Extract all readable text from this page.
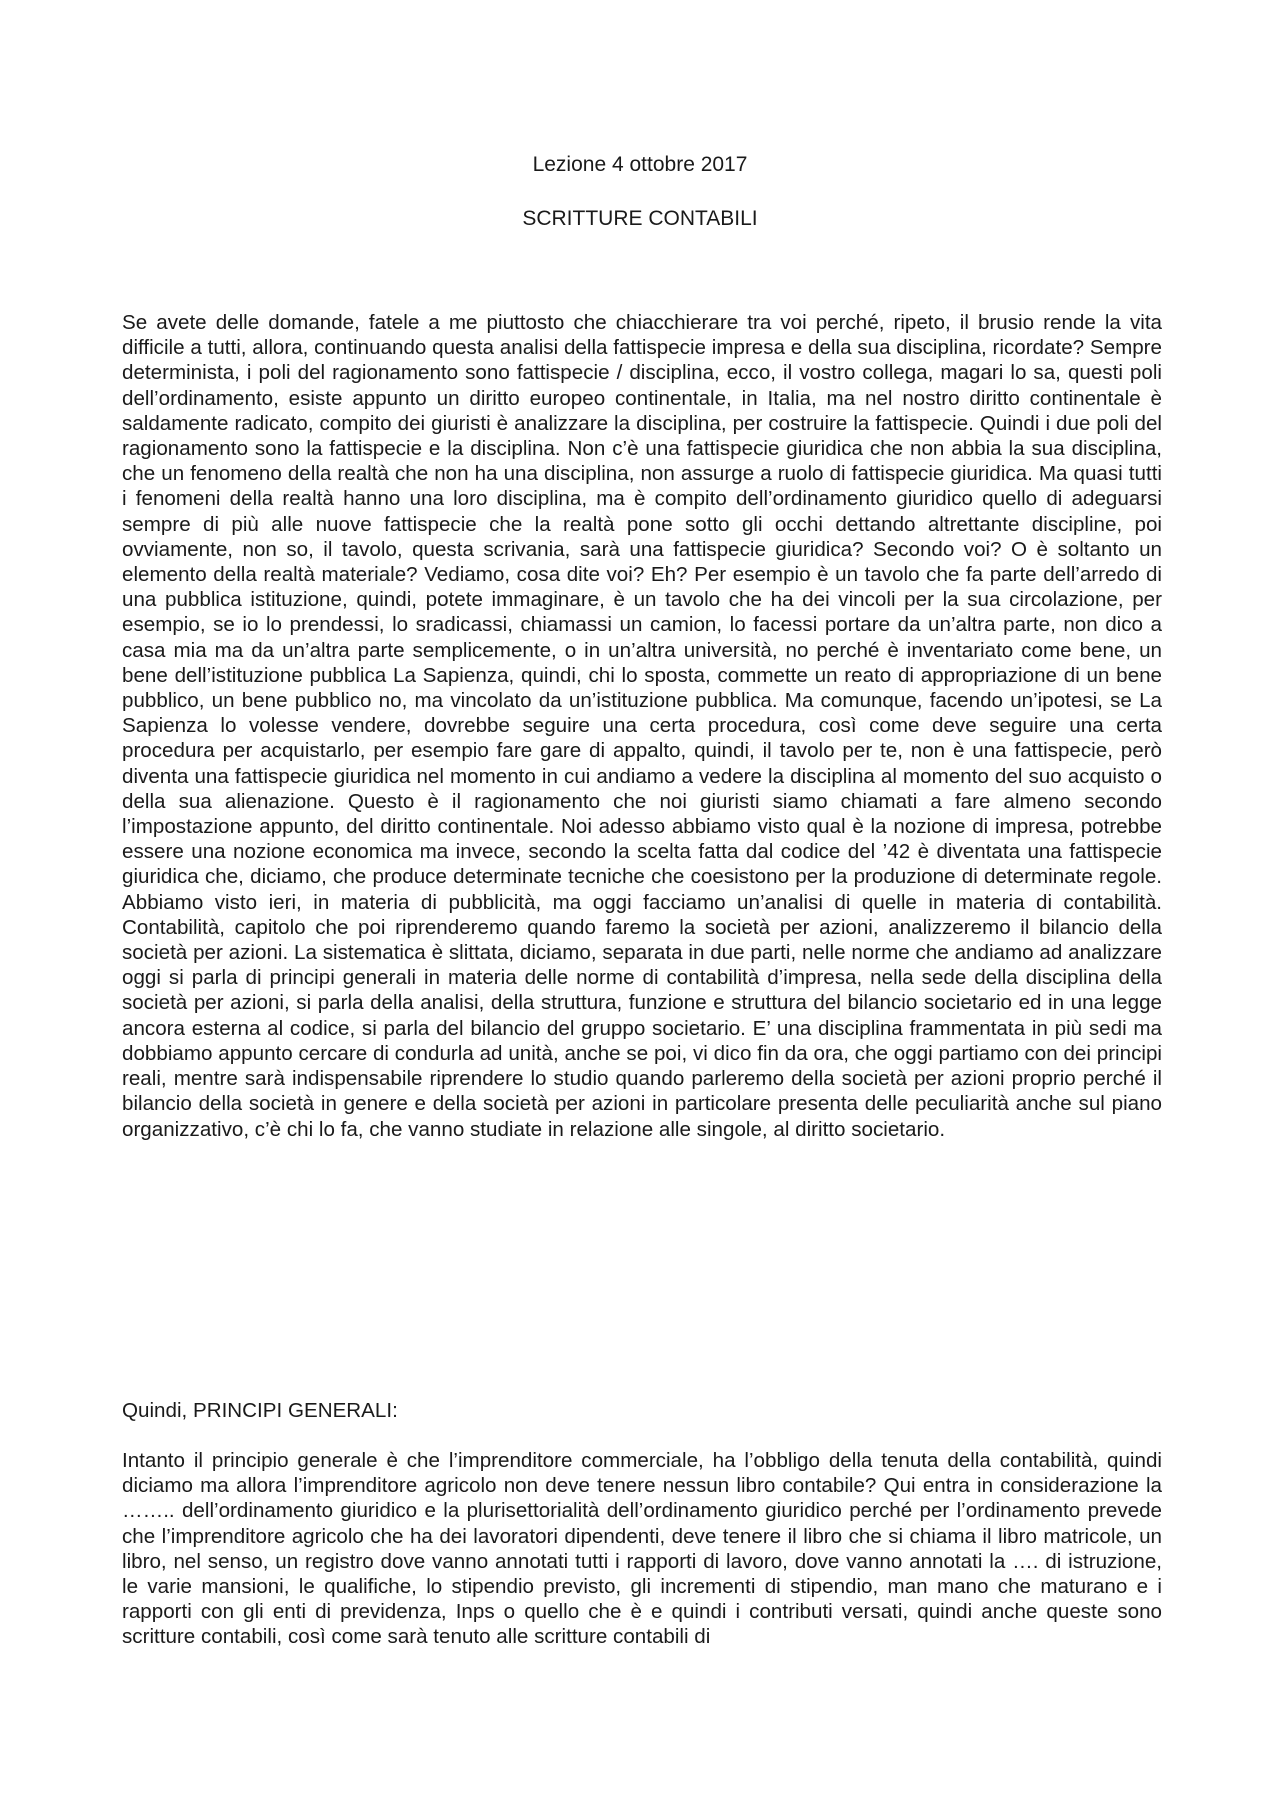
Lezione 4 ottobre 2017
SCRITTURE CONTABILI

Se avete delle domande, fatele a me piuttosto che chiacchierare tra voi perché, ripeto, il brusio rende la vita difficile a tutti, allora, continuando questa analisi della fattispecie impresa e della sua disciplina, ricordate? Sempre determinista, i poli del ragionamento sono fattispecie / disciplina, ecco, il vostro collega, magari lo sa, questi poli dell’ordinamento, esiste appunto un diritto europeo continentale, in Italia, ma nel nostro diritto continentale è saldamente radicato, compito dei giuristi è analizzare la disciplina, per costruire la fattispecie. Quindi i due poli del ragionamento sono la fattispecie e la disciplina. Non c’è una fattispecie giuridica che non abbia la sua disciplina, che un fenomeno della realtà che non ha una disciplina, non assurge a ruolo di fattispecie giuridica. Ma quasi tutti i fenomeni della realtà hanno una loro disciplina, ma è compito dell’ordinamento giuridico quello di adeguarsi sempre di più alle nuove fattispecie che la realtà pone sotto gli occhi dettando altrettante discipline, poi ovviamente, non so, il tavolo, questa scrivania, sarà una fattispecie giuridica? Secondo voi? O è soltanto un elemento della realtà materiale? Vediamo, cosa dite voi? Eh? Per esempio è un tavolo che fa parte dell’arredo di una pubblica istituzione, quindi, potete immaginare, è un tavolo che ha dei vincoli per la sua circolazione, per esempio, se io lo prendessi, lo sradicassi, chiamassi un camion, lo facessi portare da un’altra parte, non dico a casa mia ma da un’altra parte semplicemente, o in un’altra università, no perché è inventariato come bene, un bene dell’istituzione pubblica La Sapienza, quindi, chi lo sposta, commette un reato di appropriazione di un bene pubblico, un bene pubblico no, ma vincolato da un’istituzione pubblica. Ma comunque, facendo un’ipotesi, se La Sapienza lo volesse vendere, dovrebbe seguire una certa procedura, così come deve seguire una certa procedura per acquistarlo, per esempio fare gare di appalto, quindi, il tavolo per te, non è una fattispecie, però diventa una fattispecie giuridica nel momento in cui andiamo a vedere la disciplina al momento del suo acquisto o della sua alienazione. Questo è il ragionamento che noi giuristi siamo chiamati a fare almeno secondo l’impostazione appunto, del diritto continentale. Noi adesso abbiamo visto qual è la nozione di impresa, potrebbe essere una nozione economica ma invece, secondo la scelta fatta dal codice del ’42 è diventata una fattispecie giuridica che, diciamo, che produce determinate tecniche che coesistono per la produzione di determinate regole. Abbiamo visto ieri, in materia di pubblicità, ma oggi facciamo un’analisi di quelle in materia di contabilità. Contabilità, capitolo che poi riprenderemo quando faremo la società per azioni, analizzeremo il bilancio della società per azioni. La sistematica è slittata, diciamo, separata in due parti, nelle norme che andiamo ad analizzare oggi si parla di principi generali in materia delle norme di contabilità d’impresa, nella sede della disciplina della società per azioni, si parla della analisi, della struttura, funzione e struttura del bilancio societario ed in una legge ancora esterna al codice, si parla del bilancio del gruppo societario. E’ una disciplina frammentata in più sedi ma dobbiamo appunto cercare di condurla ad unità, anche se poi, vi dico fin da ora, che oggi partiamo con dei principi reali, mentre sarà indispensabile riprendere lo studio quando parleremo della società per azioni proprio perché il bilancio della società in genere e della società per azioni in particolare presenta delle peculiarità anche sul piano organizzativo, c’è chi lo fa, che vanno studiate in relazione alle singole, al diritto societario.

Quindi, PRINCIPI GENERALI:

Intanto il principio generale è che l’imprenditore commerciale, ha l’obbligo della tenuta della contabilità, quindi diciamo ma allora l’imprenditore agricolo non deve tenere nessun libro contabile? Qui entra in considerazione la …….. dell’ordinamento giuridico e la plurisettorialità dell’ordinamento giuridico perché per l’ordinamento prevede che l’imprenditore agricolo che ha dei lavoratori dipendenti, deve tenere il libro che si chiama il libro matricole, un libro, nel senso, un registro dove vanno annotati tutti i rapporti di lavoro, dove vanno annotati la …. di istruzione, le varie mansioni, le qualifiche, lo stipendio previsto, gli incrementi di stipendio, man mano che maturano e i rapporti con gli enti di previdenza, Inps o quello che è e quindi i contributi versati, quindi anche queste sono scritture contabili, così come sarà tenuto alle scritture contabili di
